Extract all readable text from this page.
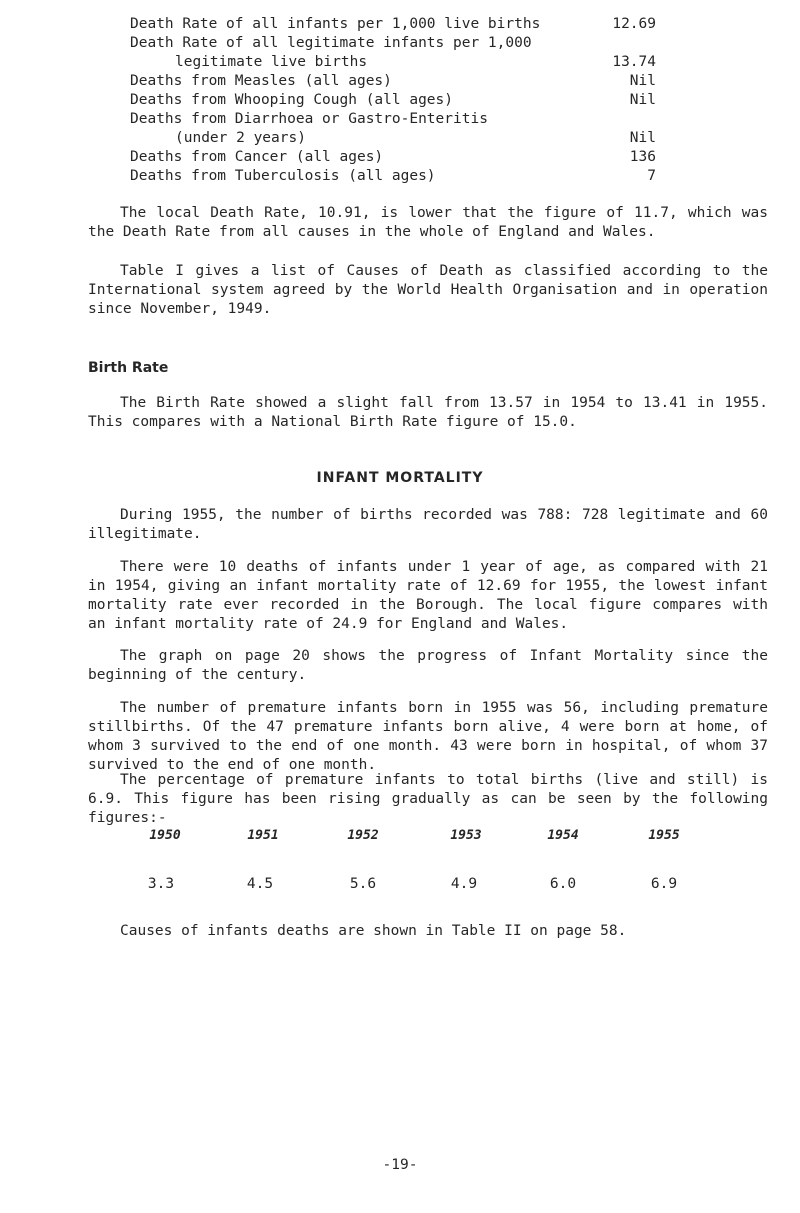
Death Rate of all infants per 1,000 live births	12.69
Death Rate of all legitimate infants per 1,000
legitimate live births	13.74
Deaths from Measles (all ages)	Nil
Deaths from Whooping Cough (all ages)	Nil
Deaths from Diarrhoea or Gastro-Enteritis
(under 2 years)	Nil
Deaths from Cancer (all ages)	136
Deaths from Tuberculosis (all ages)	7

The local Death Rate, 10.91, is lower that the figure of 11.7, which was the Death Rate from all causes in the whole of England and Wales.

Table I gives a list of Causes of Death as classified according to the International system agreed by the World Health Organisation and in operation since November, 1949.

Birth Rate

The Birth Rate showed a slight fall from 13.57 in 1954 to 13.41 in 1955. This compares with a National Birth Rate figure of 15.0.

INFANT MORTALITY

During 1955, the number of births recorded was 788: 728 legitimate and 60 illegitimate.

There were 10 deaths of infants under 1 year of age, as compared with 21 in 1954, giving an infant mortality rate of 12.69 for 1955, the lowest infant mortality rate ever recorded in the Borough. The local figure compares with an infant mortality rate of 24.9 for England and Wales.

The graph on page 20 shows the progress of Infant Mortality since the beginning of the century.

The number of premature infants born in 1955 was 56, including premature stillbirths. Of the 47 premature infants born alive, 4 were born at home, of whom 3 survived to the end of one month. 43 were born in hospital, of whom 37 survived to the end of one month.

The percentage of premature infants to total births (live and still) is 6.9. This figure has been rising gradually as can be seen by the following figures:-

1950	1951	1952	1953	1954	1955
3.3	4.5	5.6	4.9	6.0	6.9

Causes of infants deaths are shown in Table II on page 58.

-19-
